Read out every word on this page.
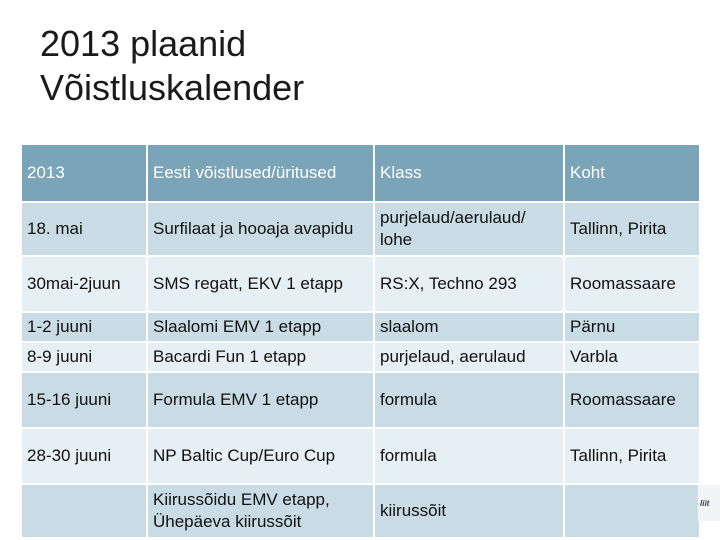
2013 plaanid
Võistluskalender
2013	Eesti võistlused/üritused	Klass	Koht
18. mai	Surfilaat ja hooaja avapidu	purjelaud/aerulaud/ lohe	Tallinn, Pirita
30mai-2juun	SMS regatt, EKV 1 etapp	RS:X, Techno 293	Roomassaare
1-2 juuni	Slaalomi EMV 1 etapp	slaalom	Pärnu
8-9 juuni	Bacardi Fun 1 etapp	purjelaud, aerulaud	Varbla
15-16 juuni	Formula EMV 1 etapp	formula	Roomassaare
28-30 juuni	NP Baltic Cup/Euro Cup	formula	Tallinn, Pirita
	Kiirussõidu EMV etapp, Ühepäeva kiirussõit	kiirussõit		liit
